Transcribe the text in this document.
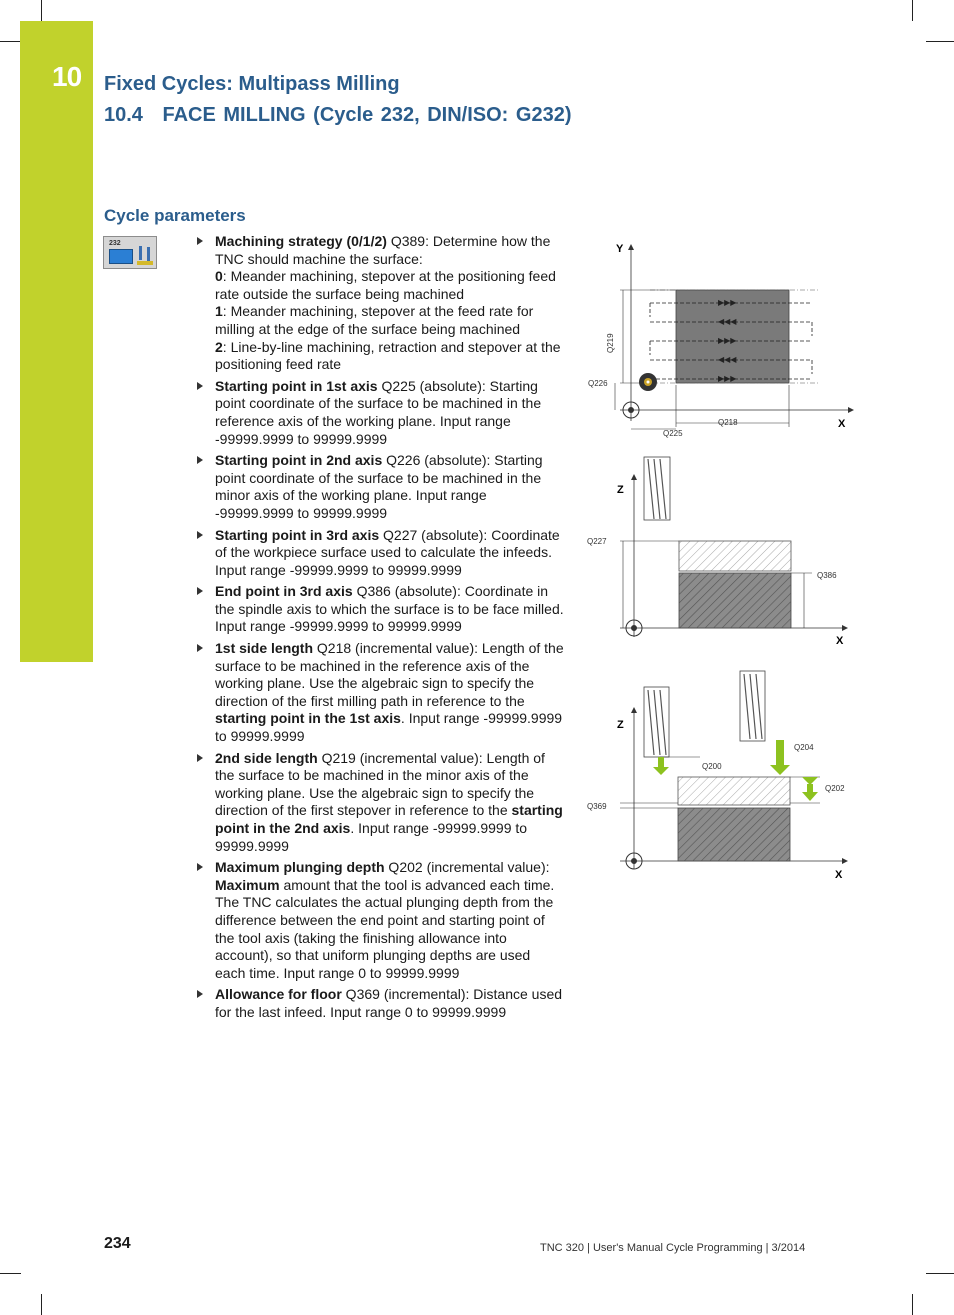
10 Fixed Cycles: Multipass Milling
10.4 FACE MILLING (Cycle 232, DIN/ISO: G232)
Cycle parameters
232	Machining strategy (0/1/2) Q389: Determine how the TNC should machine the surface:
0: Meander machining, stepover at the positioning feed rate outside the surface being machined
1: Meander machining, stepover at the feed rate for milling at the edge of the surface being machined
2: Line-by-line machining, retraction and stepover at the positioning feed rate
Starting point in 1st axis Q225 (absolute): Starting point coordinate of the surface to be machined in the reference axis of the working plane. Input range -99999.9999 to 99999.9999
Starting point in 2nd axis Q226 (absolute): Starting point coordinate of the surface to be machined in the minor axis of the working plane. Input range -99999.9999 to 99999.9999
Starting point in 3rd axis Q227 (absolute): Coordinate of the workpiece surface used to calculate the infeeds. Input range -99999.9999 to 99999.9999
End point in 3rd axis Q386 (absolute): Coordinate in the spindle axis to which the surface is to be face milled. Input range -99999.9999 to 99999.9999
1st side length Q218 (incremental value): Length of the surface to be machined in the reference axis of the working plane. Use the algebraic sign to specify the direction of the first milling path in reference to the starting point in the 1st axis. Input range -99999.9999 to 99999.9999
2nd side length Q219 (incremental value): Length of the surface to be machined in the minor axis of the working plane. Use the algebraic sign to specify the direction of the first stepover in reference to the starting point in the 2nd axis. Input range -99999.9999 to 99999.9999
Maximum plunging depth Q202 (incremental value): Maximum amount that the tool is advanced each time. The TNC calculates the actual plunging depth from the difference between the end point and starting point of the tool axis (taking the finishing allowance into account), so that uniform plunging depths are used each time. Input range 0 to 99999.9999
Allowance for floor Q369 (incremental): Distance used for the last infeed. Input range 0 to 99999.9999
Y
X
▶▶▶
◀◀◀
▶▶▶
◀◀◀
▶▶▶
Q219
Q226
Q218
Q225
Z
X
Q227
Q386
Z
X
Q204
Q200
Q202
Q369
234	TNC 320 | User's Manual Cycle Programming | 3/2014
